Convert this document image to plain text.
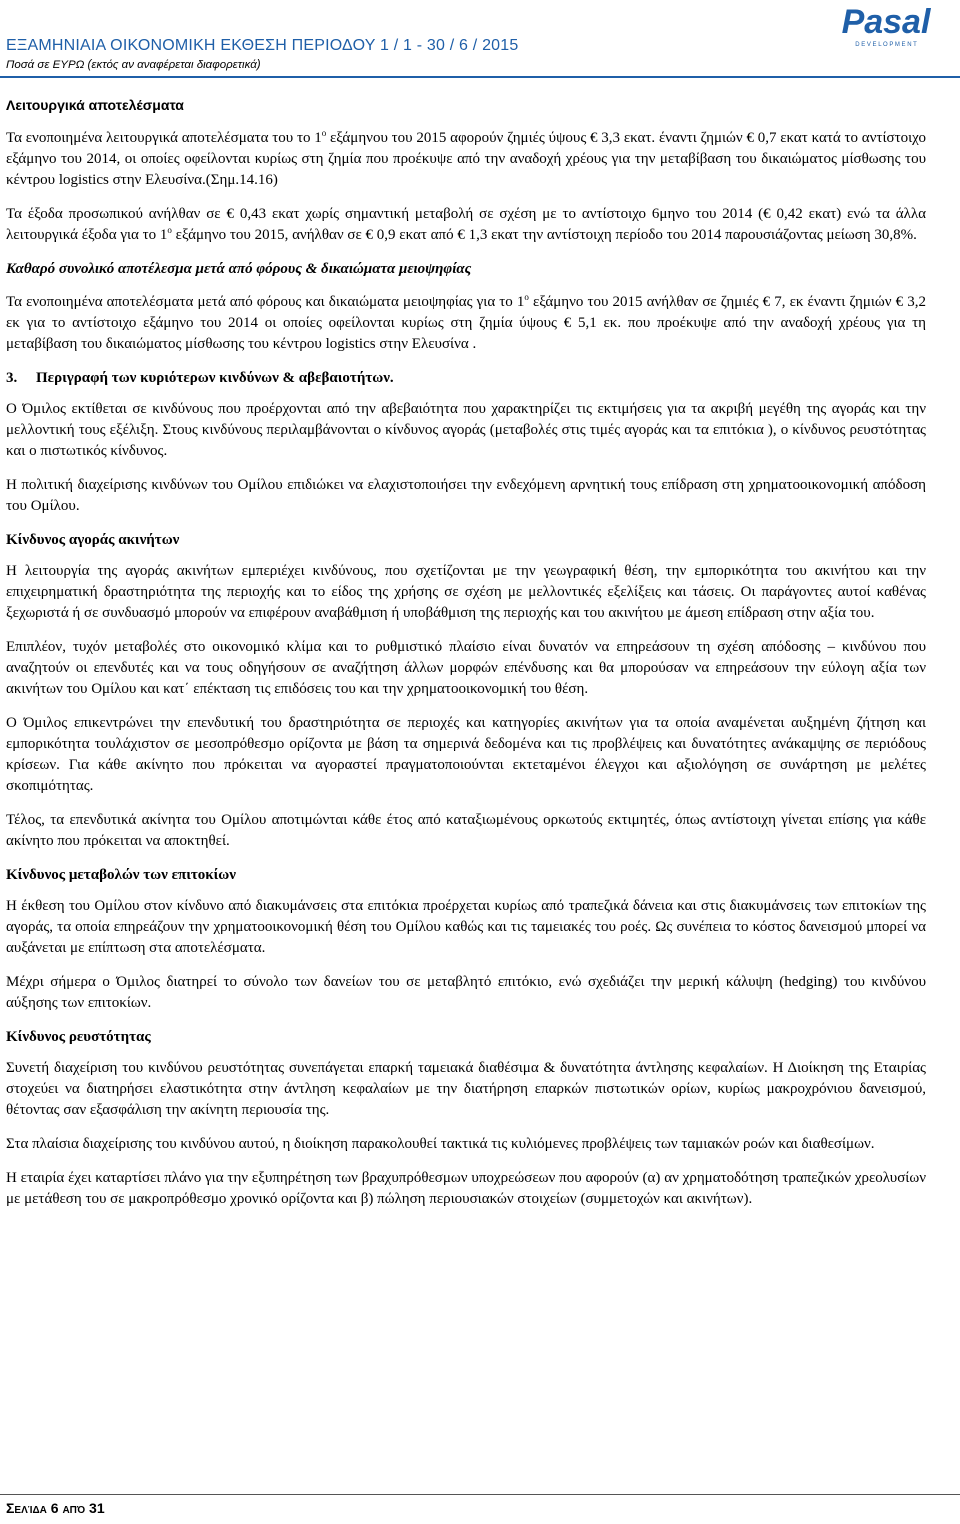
ΕΞΑΜΗΝΙΑΙΑ ΟΙΚΟΝΟΜΙΚΗ ΕΚΘΕΣΗ ΠΕΡΙΟΔΟΥ 1 / 1 - 30 / 6 / 2015
Ποσά σε ΕΥΡΩ (εκτός αν αναφέρεται διαφορετικά)
Pasal
D E V E L O P M E N T
Λειτουργικά αποτελέσματα

Τα ενοποιημένα λειτουργικά αποτελέσματα του το $1^o$ εξάμηνου του 2015 αφορούν ζημιές ύψους € 3,3 εκατ. έναντι ζημιών € 0,7 εκατ κατά το αντίστοιχο εξάμηνο του 2014, οι οποίες οφείλονται κυρίως στη ζημία που προέκυψε από την αναδοχή χρέους για την μεταβίβαση του δικαιώματος μίσθωσης του κέντρου logistics στην Ελευσίνα.(Σημ.14.16)

Τα έξοδα προσωπικού ανήλθαν σε € 0,43 εκατ χωρίς σημαντική μεταβολή σε σχέση με το αντίστοιχο 6μηνο του 2014 (€ 0,42 εκατ) ενώ τα άλλα λειτουργικά έξοδα για το $1^o$ εξάμηνο του 2015, ανήλθαν σε € 0,9 εκατ από € 1,3 εκατ την αντίστοιχη περίοδο του 2014 παρουσιάζοντας μείωση 30,8%.

Καθαρό συνολικό αποτέλεσμα μετά από φόρους & δικαιώματα μειοψηφίας

Τα ενοποιημένα αποτελέσματα μετά από φόρους και δικαιώματα μειοψηφίας για το $1^o$ εξάμηνο του 2015 ανήλθαν σε ζημιές € 7, εκ έναντι ζημιών € 3,2 εκ για το αντίστοιχο εξάμηνο του 2014 οι οποίες οφείλονται κυρίως στη ζημία ύψους € 5,1 εκ. που προέκυψε από την αναδοχή χρέους για τη μεταβίβαση του δικαιώματος μίσθωσης του κέντρου logistics στην Ελευσίνα .

3. Περιγραφή των κυριότερων κινδύνων & αβεβαιοτήτων.

Ο Όμιλος εκτίθεται σε κινδύνους που προέρχονται από την αβεβαιότητα που χαρακτηρίζει τις εκτιμήσεις για τα ακριβή μεγέθη της αγοράς και την μελλοντική τους εξέλιξη. Στους κινδύνους περιλαμβάνονται ο κίνδυνος αγοράς (μεταβολές στις τιμές αγοράς και τα επιτόκια ), ο κίνδυνος ρευστότητας και ο πιστωτικός κίνδυνος.

Η πολιτική διαχείρισης κινδύνων του Ομίλου επιδιώκει να ελαχιστοποιήσει την ενδεχόμενη αρνητική τους επίδραση στη χρηματοοικονομική απόδοση του Ομίλου.

Κίνδυνος αγοράς ακινήτων

Η λειτουργία της αγοράς ακινήτων εμπεριέχει κινδύνους, που σχετίζονται με την γεωγραφική θέση, την εμπορικότητα του ακινήτου και την επιχειρηματική δραστηριότητα της περιοχής και το είδος της χρήσης σε σχέση με μελλοντικές εξελίξεις και τάσεις. Οι παράγοντες αυτοί καθένας ξεχωριστά ή σε συνδυασμό μπορούν να επιφέρουν αναβάθμιση ή υποβάθμιση της περιοχής και του ακινήτου με άμεση επίδραση στην αξία του.

Επιπλέον, τυχόν μεταβολές στο οικονομικό κλίμα και το ρυθμιστικό πλαίσιο είναι δυνατόν να επηρεάσουν τη σχέση απόδοσης – κινδύνου που αναζητούν οι επενδυτές και να τους οδηγήσουν σε αναζήτηση άλλων μορφών επένδυσης και θα μπορούσαν να επηρεάσουν την εύλογη αξία των ακινήτων του Ομίλου και κατ΄ επέκταση τις επιδόσεις του και την χρηματοοικονομική του θέση.

Ο Όμιλος επικεντρώνει την επενδυτική του δραστηριότητα σε περιοχές και κατηγορίες ακινήτων για τα οποία αναμένεται αυξημένη ζήτηση και εμπορικότητα τουλάχιστον σε μεσοπρόθεσμο ορίζοντα με βάση τα σημερινά δεδομένα και τις προβλέψεις και δυνατότητες ανάκαμψης σε περιόδους κρίσεων. Για κάθε ακίνητο που πρόκειται να αγοραστεί πραγματοποιούνται εκτεταμένοι έλεγχοι και αξιολόγηση σε συνάρτηση με μελέτες σκοπιμότητας.

Τέλος, τα επενδυτικά ακίνητα του Ομίλου αποτιμώνται κάθε έτος από καταξιωμένους ορκωτούς εκτιμητές, όπως αντίστοιχη γίνεται επίσης για κάθε ακίνητο που πρόκειται να αποκτηθεί.

Κίνδυνος μεταβολών των επιτοκίων

Η έκθεση του Ομίλου στον κίνδυνο από διακυμάνσεις στα επιτόκια προέρχεται κυρίως από τραπεζικά δάνεια και στις διακυμάνσεις των επιτοκίων της αγοράς, τα οποία επηρεάζουν την χρηματοοικονομική θέση του Ομίλου καθώς και τις ταμειακές του ροές. Ως συνέπεια το κόστος δανεισμού μπορεί να αυξάνεται με επίπτωση στα αποτελέσματα.

Μέχρι σήμερα ο Όμιλος διατηρεί το σύνολο των δανείων του σε μεταβλητό επιτόκιο, ενώ σχεδιάζει την μερική κάλυψη (hedging) του κινδύνου αύξησης των επιτοκίων.

Κίνδυνος ρευστότητας

Συνετή διαχείριση του κινδύνου ρευστότητας συνεπάγεται επαρκή ταμειακά διαθέσιμα & δυνατότητα άντλησης κεφαλαίων. Η Διοίκηση της Εταιρίας στοχεύει να διατηρήσει ελαστικότητα στην άντληση κεφαλαίων με την διατήρηση επαρκών πιστωτικών ορίων, κυρίως μακροχρόνιου δανεισμού, θέτοντας σαν εξασφάλιση την ακίνητη περιουσία της.

Στα πλαίσια διαχείρισης του κινδύνου αυτού, η διοίκηση παρακολουθεί τακτικά τις κυλιόμενες προβλέψεις των ταμιακών ροών και διαθεσίμων.

Η εταιρία έχει καταρτίσει πλάνο για την εξυπηρέτηση των βραχυπρόθεσμων υποχρεώσεων που αφορούν (α) αν χρηματοδότηση τραπεζικών χρεολυσίων με μετάθεση του σε μακροπρόθεσμο χρονικό ορίζοντα και β) πώληση περιουσιακών στοιχείων (συμμετοχών και ακινήτων).

Σελίδα 6 από 31
